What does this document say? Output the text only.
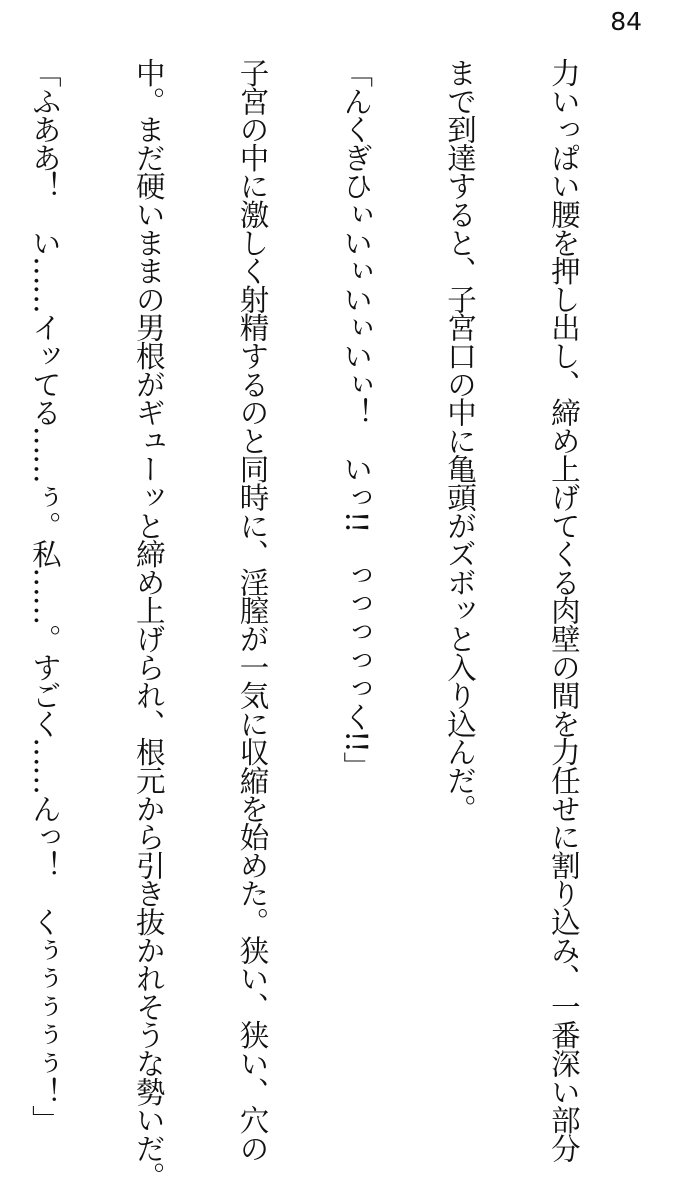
84

力いっぱい腰を押し出し、締め上げてくる肉壁の間を力任せに割り込み、一番深い部分

まで到達すると、子宮口の中に亀頭がズボッと入り込んだ。

「んくぎひぃいぃいぃいぃ！　いっ!!　っっっっっく!!」

子宮の中に激しく射精するのと同時に、淫膣が一気に収縮を始めた。狭い、狭い、穴の

中。まだ硬いままの男根がギューッと締め上げられ、根元から引き抜かれそうな勢いだ。

「ふああ！　い……イッてる……ぅ。私……。すごく……んっ！　くぅぅぅぅぅ！」
